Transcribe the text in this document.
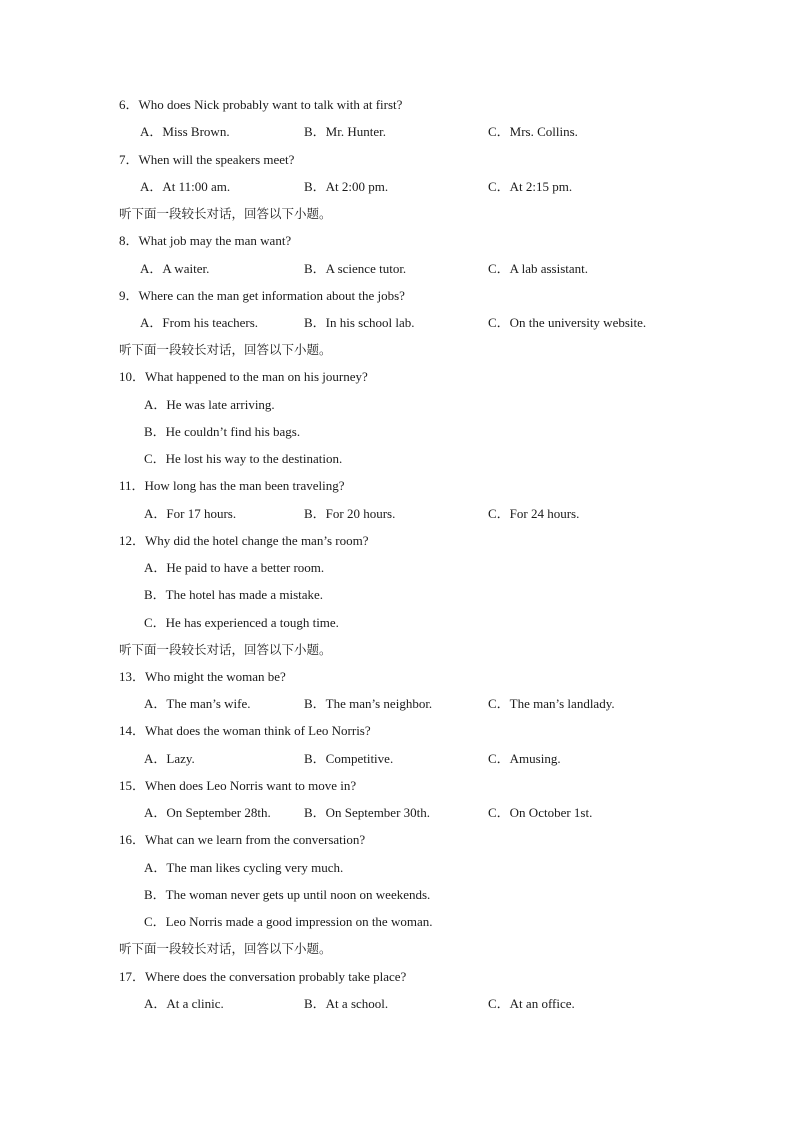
6．Who does Nick probably want to talk with at first?
A．Miss Brown.	B．Mr. Hunter.	C．Mrs. Collins.
7．When will the speakers meet?
A．At 11:00 am.	B．At 2:00 pm.	C．At 2:15 pm.
听下面一段较长对话，回答以下小题。
8．What job may the man want?
A．A waiter.	B．A science tutor.	C．A lab assistant.
9．Where can the man get information about the jobs?
A．From his teachers.	B．In his school lab.	C．On the university website.
听下面一段较长对话，回答以下小题。
10．What happened to the man on his journey?
A．He was late arriving.
B．He couldn’t find his bags.
C．He lost his way to the destination.
11．How long has the man been traveling?
A．For 17 hours.	B．For 20 hours.	C．For 24 hours.
12．Why did the hotel change the man’s room?
A．He paid to have a better room.
B．The hotel has made a mistake.
C．He has experienced a tough time.
听下面一段较长对话，回答以下小题。
13．Who might the woman be?
A．The man’s wife.	B．The man’s neighbor.	C．The man’s landlady.
14．What does the woman think of Leo Norris?
A．Lazy.	B．Competitive.	C．Amusing.
15．When does Leo Norris want to move in?
A．On September 28th.	B．On September 30th.	C．On October 1st.
16．What can we learn from the conversation?
A．The man likes cycling very much.
B．The woman never gets up until noon on weekends.
C．Leo Norris made a good impression on the woman.
听下面一段较长对话，回答以下小题。
17．Where does the conversation probably take place?
A．At a clinic.	B．At a school.	C．At an office.
